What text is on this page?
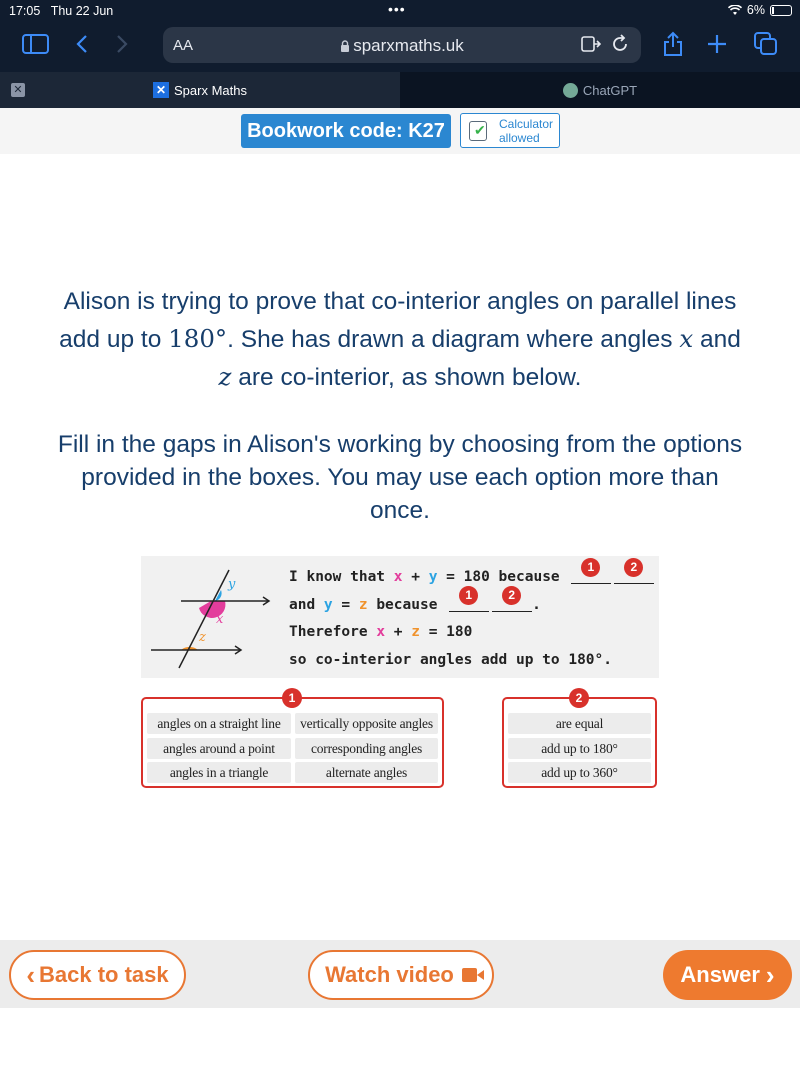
17:05 Thu 22 Jun	•••	6%
AA	sparxmaths.uk
✕	✕ Sparx Maths	ChatGPT
Bookwork code: K27
✔	Calculator
allowed
Alison is trying to prove that co-interior angles on parallel lines add up to 180°. She has drawn a diagram where angles x and z are co-interior, as shown below.
Fill in the gaps in Alison's working by choosing from the options provided in the boxes. You may use each option more than once.
y
x
z
I know that x + y = 180 because
1	2
and y = z because
1	2
.
Therefore x + z = 180
so co-interior angles add up to 180°.
1
angles on a straight line	vertically opposite angles
angles around a point	corresponding angles
angles in a triangle	alternate angles
2
are equal
add up to 180°
add up to 360°
‹ Back to task	Watch video	Answer ›
